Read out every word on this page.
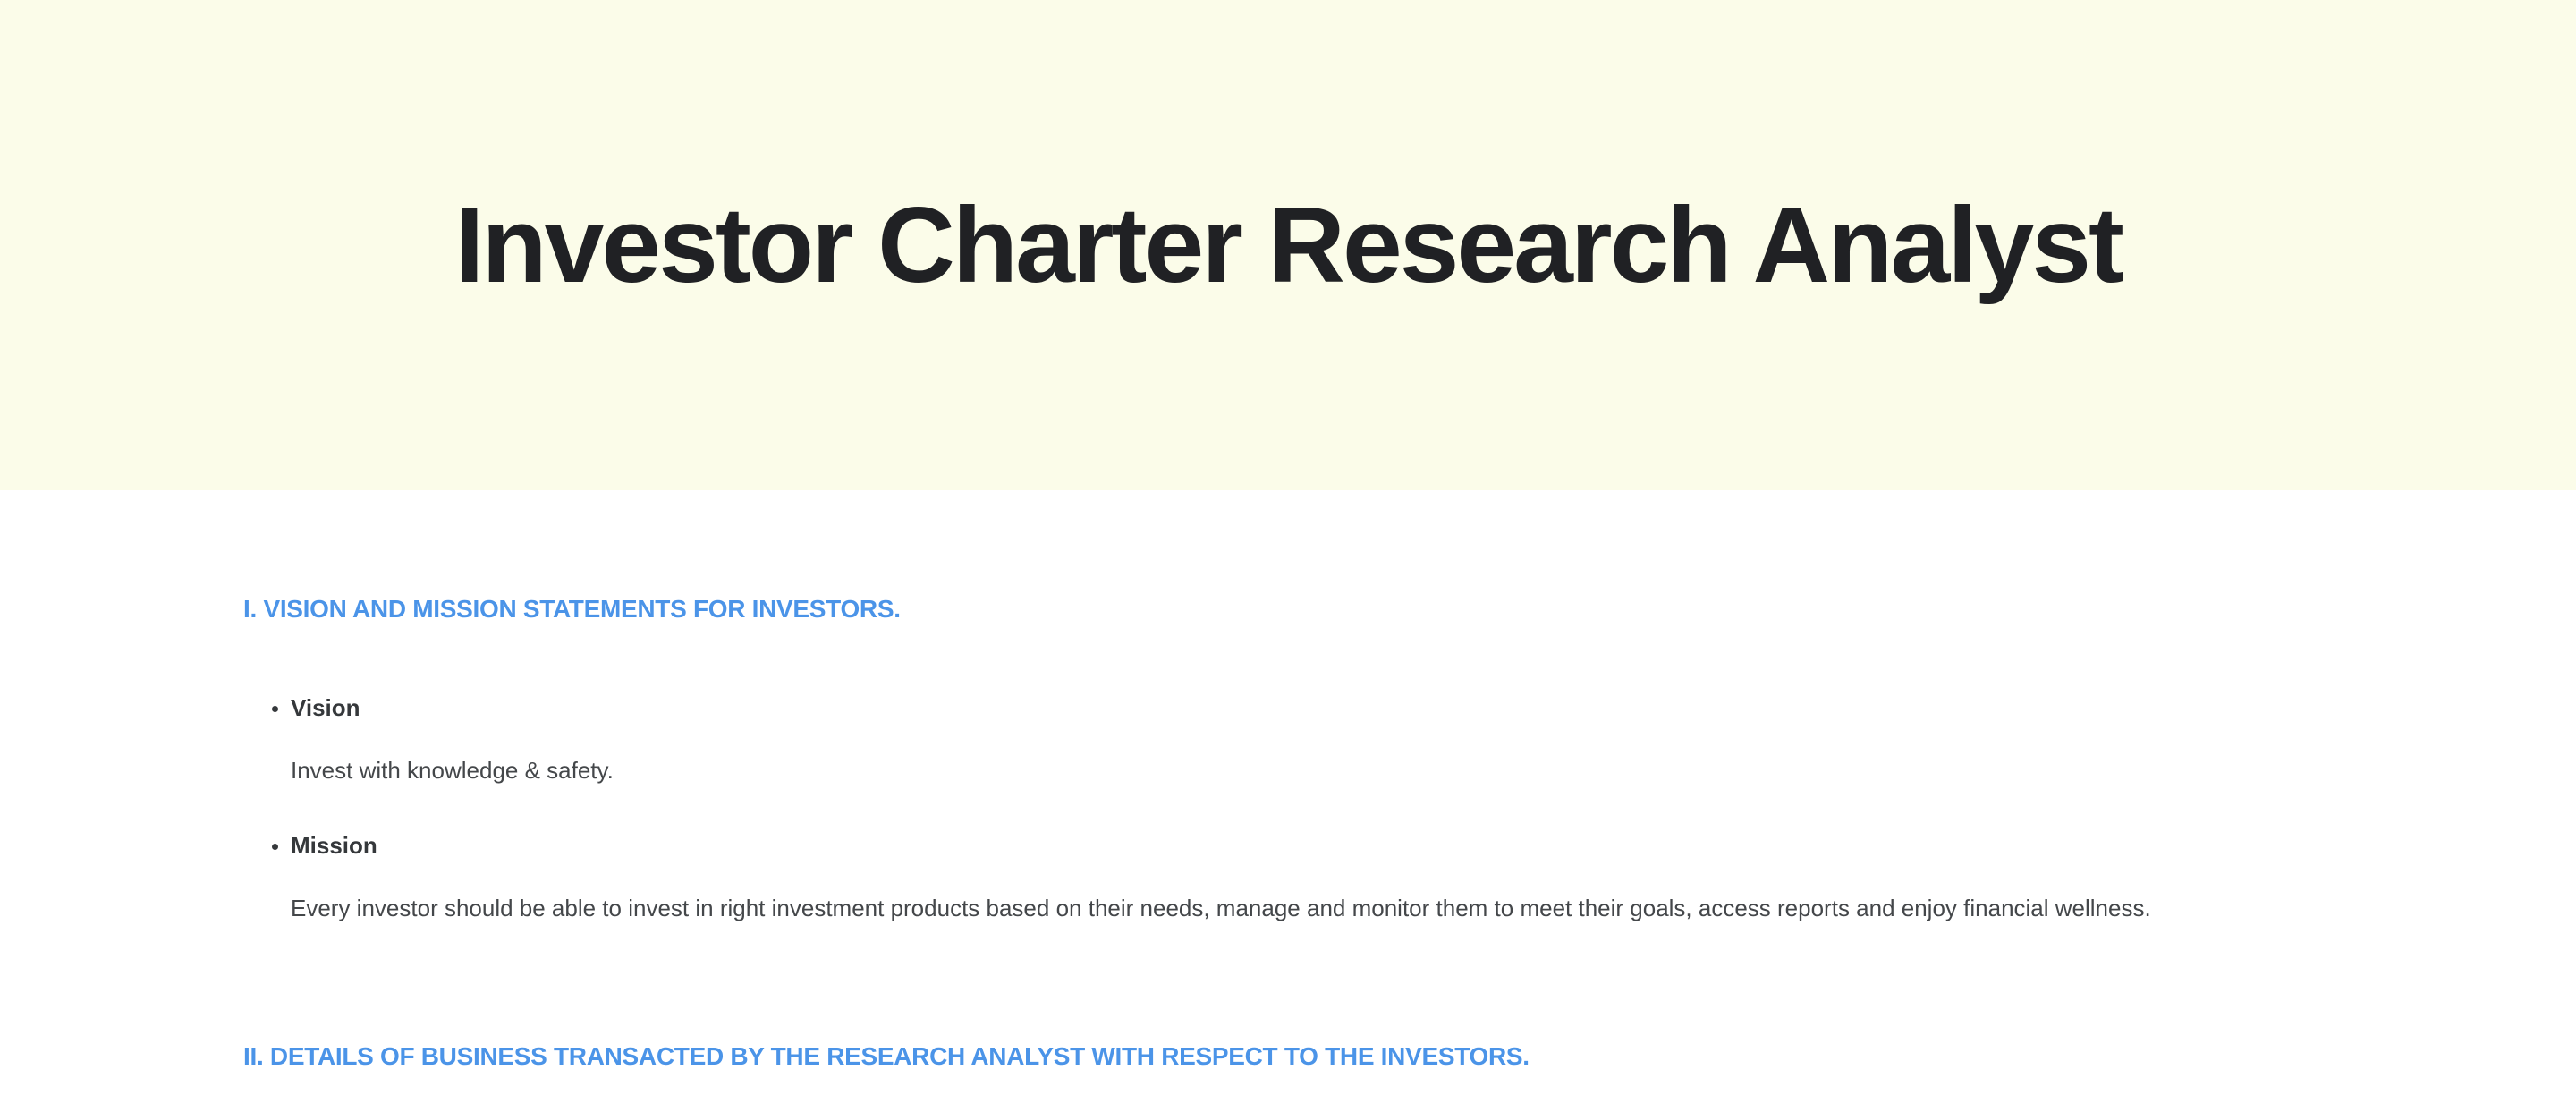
Investor Charter Research Analyst
I. VISION AND MISSION STATEMENTS FOR INVESTORS.
• Vision

Invest with knowledge & safety.

• Mission

Every investor should be able to invest in right investment products based on their needs, manage and monitor them to meet their goals, access reports and enjoy financial wellness.

II. DETAILS OF BUSINESS TRANSACTED BY THE RESEARCH ANALYST WITH RESPECT TO THE INVESTORS.
